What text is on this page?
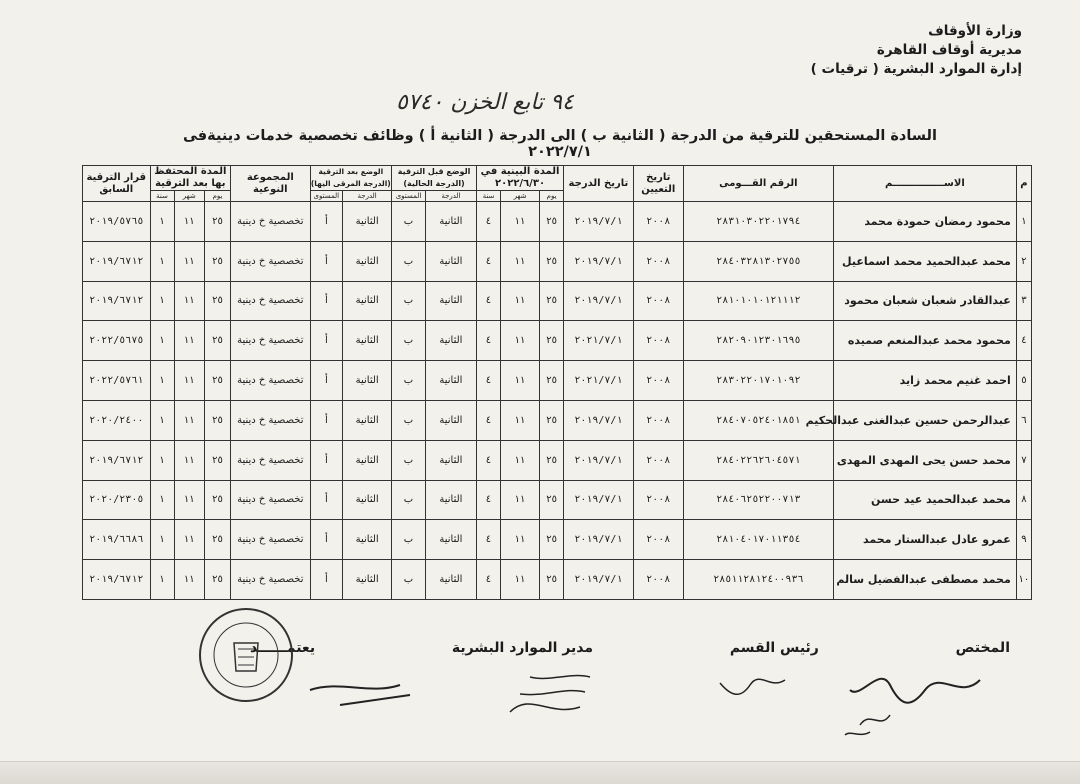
وزارة الأوقاف
مديرية أوقاف القاهرة
إدارة الموارد البشرية ( ترقيات )
٩٤ تابع الخزن ٥٧٤٠
السادة المستحقين للترقية من الدرجة ( الثانية ب ) الى الدرجة ( الثانية أ ) وظائف تخصصية خدمات دينيةفى ٢٠٢٢/٧/١
م	الاســـــــــــــــم	الرقم القـــومى	تاريخ التعيين	تاريخ الدرجة	المدة البينية في ٢٠٢٢/٦/٣٠			الوضع قبل الترقية (الدرجة الحالية)		الوضع بعد الترقية (الدرجة المرقى اليها)		المجموعة النوعية	المدة المحتفظ بها بعد الترقية			قرار الترقية السابق
					يوم	شهر	سنة	الدرجة	المستوى	الدرجة	المستوى		يوم	شهر	سنة	
١	محمود رمضان حمودة محمد	٢٨٣١٠٣٠٢٢٠١٧٩٤	٢٠٠٨	٢٠١٩/٧/١	٢٥	١١	٤	الثانية	ب	الثانية	أ	تخصصية خ دينية	٢٥	١١	١	٢٠١٩/٥٧٦٥
٢	محمد عبدالحميد محمد اسماعيل	٢٨٤٠٣٢٨١٣٠٢٧٥٥	٢٠٠٨	٢٠١٩/٧/١	٢٥	١١	٤	الثانية	ب	الثانية	أ	تخصصية خ دينية	٢٥	١١	١	٢٠١٩/٦٧١٢
٣	عبدالقادر شعبان شعبان محمود	٢٨١٠١٠١٠١٢١١١٢	٢٠٠٨	٢٠١٩/٧/١	٢٥	١١	٤	الثانية	ب	الثانية	أ	تخصصية خ دينية	٢٥	١١	١	٢٠١٩/٦٧١٢
٤	محمود محمد عبدالمنعم صميده	٢٨٢٠٩٠١٢٣٠١٦٩٥	٢٠٠٨	٢٠٢١/٧/١	٢٥	١١	٤	الثانية	ب	الثانية	أ	تخصصية خ دينية	٢٥	١١	١	٢٠٢٢/٥٦٧٥
٥	احمد غنيم محمد زايد	٢٨٣٠٢٢٠١٧٠١٠٩٢	٢٠٠٨	٢٠٢١/٧/١	٢٥	١١	٤	الثانية	ب	الثانية	أ	تخصصية خ دينية	٢٥	١١	١	٢٠٢٢/٥٧٦١
٦	عبدالرحمن حسين عبدالغنى عبدالحكيم	٢٨٤٠٧٠٥٢٤٠١٨٥١	٢٠٠٨	٢٠١٩/٧/١	٢٥	١١	٤	الثانية	ب	الثانية	أ	تخصصية خ دينية	٢٥	١١	١	٢٠٢٠/٢٤٠٠
٧	محمد حسن يحى المهدى المهدى	٢٨٤٠٢٢٦٢٦٠٤٥٧١	٢٠٠٨	٢٠١٩/٧/١	٢٥	١١	٤	الثانية	ب	الثانية	أ	تخصصية خ دينية	٢٥	١١	١	٢٠١٩/٦٧١٢
٨	محمد عبدالحميد عيد حسن	٢٨٤٠٦٢٥٢٢٠٠٧١٣	٢٠٠٨	٢٠١٩/٧/١	٢٥	١١	٤	الثانية	ب	الثانية	أ	تخصصية خ دينية	٢٥	١١	١	٢٠٢٠/٢٣٠٥
٩	عمرو عادل عبدالستار محمد	٢٨١٠٤٠١٧٠١١٣٥٤	٢٠٠٨	٢٠١٩/٧/١	٢٥	١١	٤	الثانية	ب	الثانية	أ	تخصصية خ دينية	٢٥	١١	١	٢٠١٩/٦٦٨٦
١٠	محمد مصطفى عبدالفضيل سالم	٢٨٥١١٢٨١٢٤٠٠٩٣٦	٢٠٠٨	٢٠١٩/٧/١	٢٥	١١	٤	الثانية	ب	الثانية	أ	تخصصية خ دينية	٢٥	١١	١	٢٠١٩/٦٧١٢
المختص
رئيس القسم
مدير الموارد البشرية
يعتمــــــد
